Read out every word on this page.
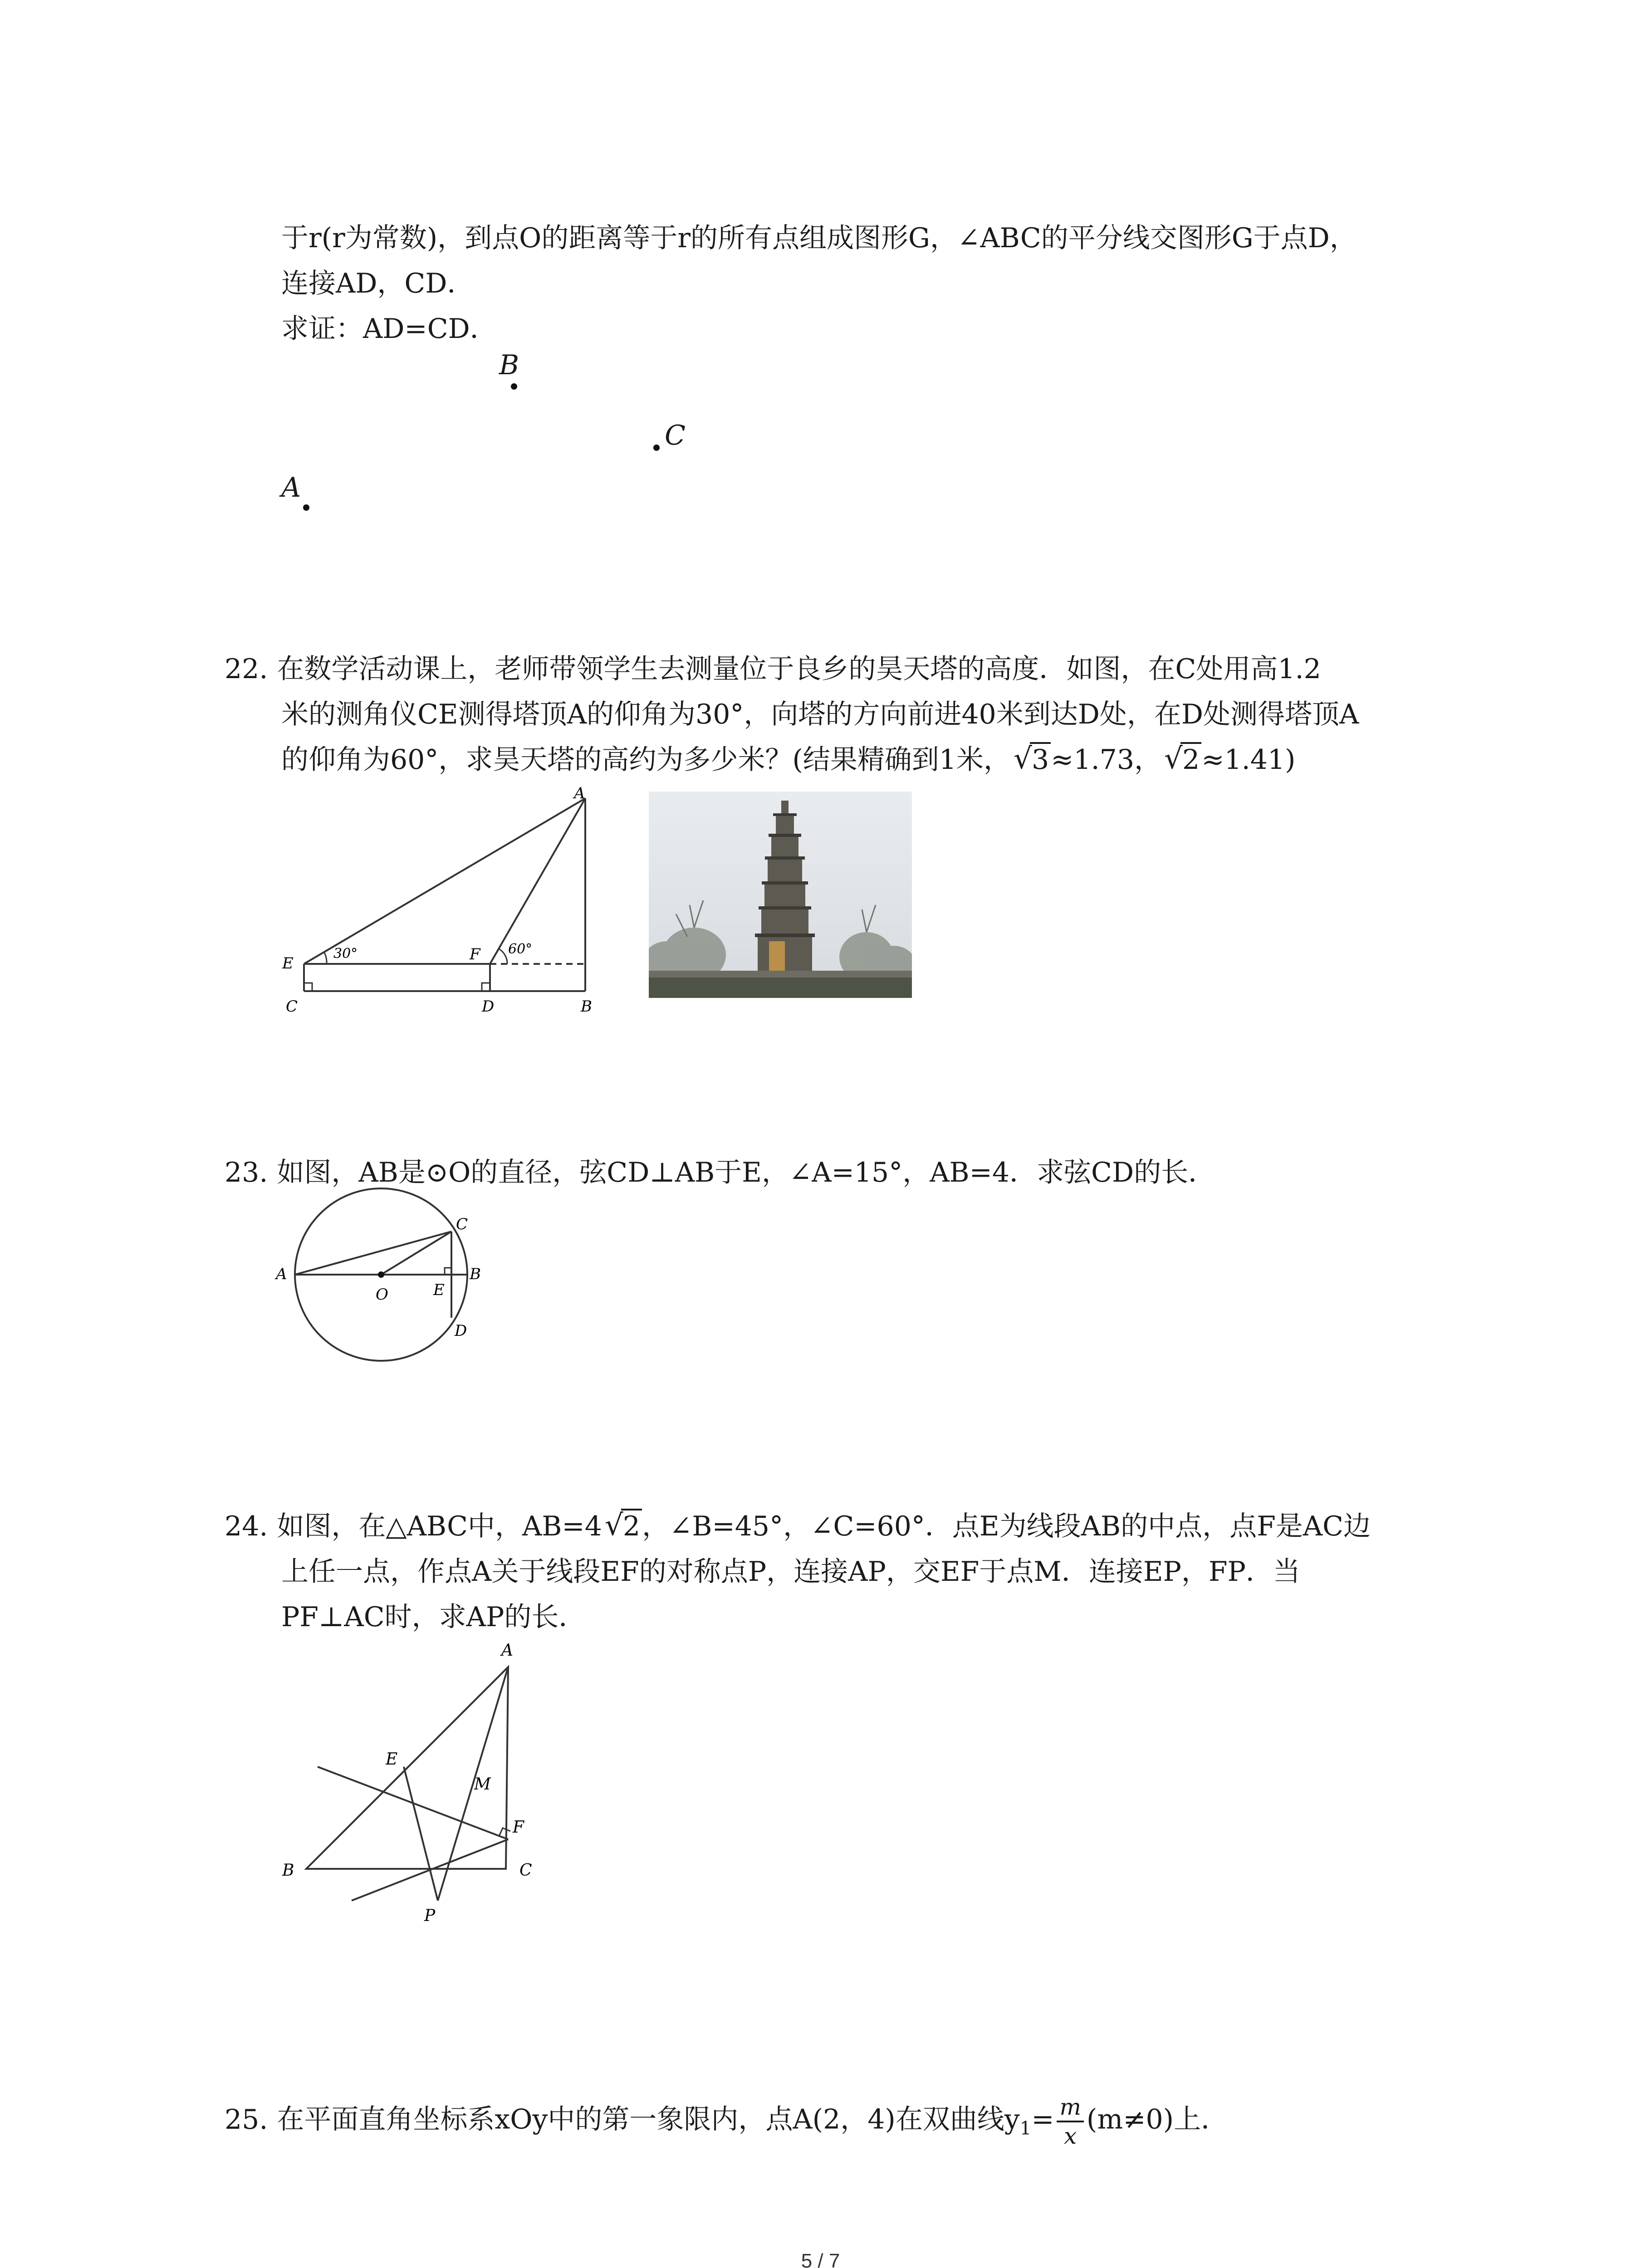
于r(r为常数)，到点O的距离等于r的所有点组成图形G，∠ABC的平分线交图形G于点D，
连接AD，CD．
求证：AD=CD．
B
C
A
22. 在数学活动课上，老师带领学生去测量位于良乡的昊天塔的高度．如图，在C处用高1.2
米的测角仪CE测得塔顶A的仰角为30°，向塔的方向前进40米到达D处，在D处测得塔顶A
的仰角为60°，求昊天塔的高约为多少米？(结果精确到1米， √ 3≈1.73， √ 2≈1.41)
A
E	F
C	D	B
30°	60°
23. 如图，AB是⊙O的直径，弦CD⊥AB于E，∠A=15°，AB=4．求弦CD的长．
A
O	E
B
C
D
24. 如图，在△ABC中，AB=4 √ 2，∠B=45°，∠C=60°．点E为线段AB的中点，点F是AC边
上任一点，作点A关于线段EF的对称点P，连接AP，交EF于点M．连接EP，FP．当
PF⊥AC时，求AP的长．
A
E
M
F
B	C
P
25. 在平面直角坐标系xOy中的第一象限内，点A(2，4)在双曲线$y_1= \frac{m}{x} (m\ne 0)$上．
5 / 7
